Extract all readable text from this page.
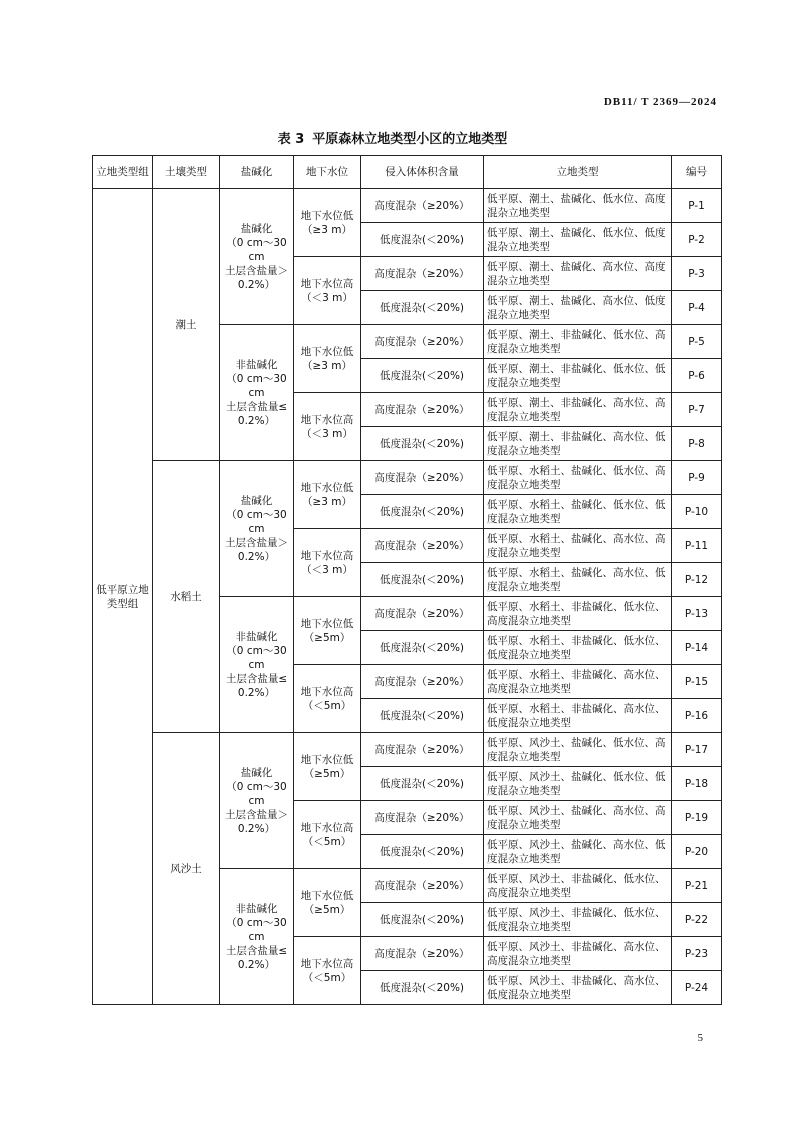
DB11/ T 2369—2024
表 3 平原森林立地类型小区的立地类型
立地类型组	土壤类型	盐碱化	地下水位	侵入体体积含量	立地类型	编号
低平原立地类型组	潮土	盐碱化
（0 cm～30 cm
土层含盐量＞
0.2%）	地下水位低
（≥3 m）	高度混杂（≥20%）	低平原、潮土、盐碱化、低水位、高度混杂立地类型	P-1
				低度混杂(＜20%)	低平原、潮土、盐碱化、低水位、低度混杂立地类型	P-2
			地下水位高
（＜3 m）	高度混杂（≥20%）	低平原、潮土、盐碱化、高水位、高度混杂立地类型	P-3
				低度混杂(＜20%)	低平原、潮土、盐碱化、高水位、低度混杂立地类型	P-4
		非盐碱化
（0 cm～30 cm
土层含盐量≤
0.2%）	地下水位低
（≥3 m）	高度混杂（≥20%）	低平原、潮土、非盐碱化、低水位、高度混杂立地类型	P-5
				低度混杂(＜20%)	低平原、潮土、非盐碱化、低水位、低度混杂立地类型	P-6
			地下水位高
（＜3 m）	高度混杂（≥20%）	低平原、潮土、非盐碱化、高水位、高度混杂立地类型	P-7
				低度混杂(＜20%)	低平原、潮土、非盐碱化、高水位、低度混杂立地类型	P-8
	水稻土	盐碱化
（0 cm～30 cm
土层含盐量＞
0.2%）	地下水位低
（≥3 m）	高度混杂（≥20%）	低平原、水稻土、盐碱化、低水位、高度混杂立地类型	P-9
				低度混杂(＜20%)	低平原、水稻土、盐碱化、低水位、低度混杂立地类型	P-10
			地下水位高
（＜3 m）	高度混杂（≥20%）	低平原、水稻土、盐碱化、高水位、高度混杂立地类型	P-11
				低度混杂(＜20%)	低平原、水稻土、盐碱化、高水位、低度混杂立地类型	P-12
		非盐碱化
（0 cm～30 cm
土层含盐量≤
0.2%）	地下水位低
（≥5m）	高度混杂（≥20%）	低平原、水稻土、非盐碱化、低水位、高度混杂立地类型	P-13
				低度混杂(＜20%)	低平原、水稻土、非盐碱化、低水位、低度混杂立地类型	P-14
			地下水位高
（＜5m）	高度混杂（≥20%）	低平原、水稻土、非盐碱化、高水位、高度混杂立地类型	P-15
				低度混杂(＜20%)	低平原、水稻土、非盐碱化、高水位、低度混杂立地类型	P-16
	风沙土	盐碱化
（0 cm～30 cm
土层含盐量＞
0.2%）	地下水位低
（≥5m）	高度混杂（≥20%）	低平原、风沙土、盐碱化、低水位、高度混杂立地类型	P-17
				低度混杂(＜20%)	低平原、风沙土、盐碱化、低水位、低度混杂立地类型	P-18
			地下水位高
（＜5m）	高度混杂（≥20%）	低平原、风沙土、盐碱化、高水位、高度混杂立地类型	P-19
				低度混杂(＜20%)	低平原、风沙土、盐碱化、高水位、低度混杂立地类型	P-20
		非盐碱化
（0 cm～30 cm
土层含盐量≤
0.2%）	地下水位低
（≥5m）	高度混杂（≥20%）	低平原、风沙土、非盐碱化、低水位、高度混杂立地类型	P-21
				低度混杂(＜20%)	低平原、风沙土、非盐碱化、低水位、低度混杂立地类型	P-22
			地下水位高
（＜5m）	高度混杂（≥20%）	低平原、风沙土、非盐碱化、高水位、高度混杂立地类型	P-23
				低度混杂(＜20%)	低平原、风沙土、非盐碱化、高水位、低度混杂立地类型	P-24
5
